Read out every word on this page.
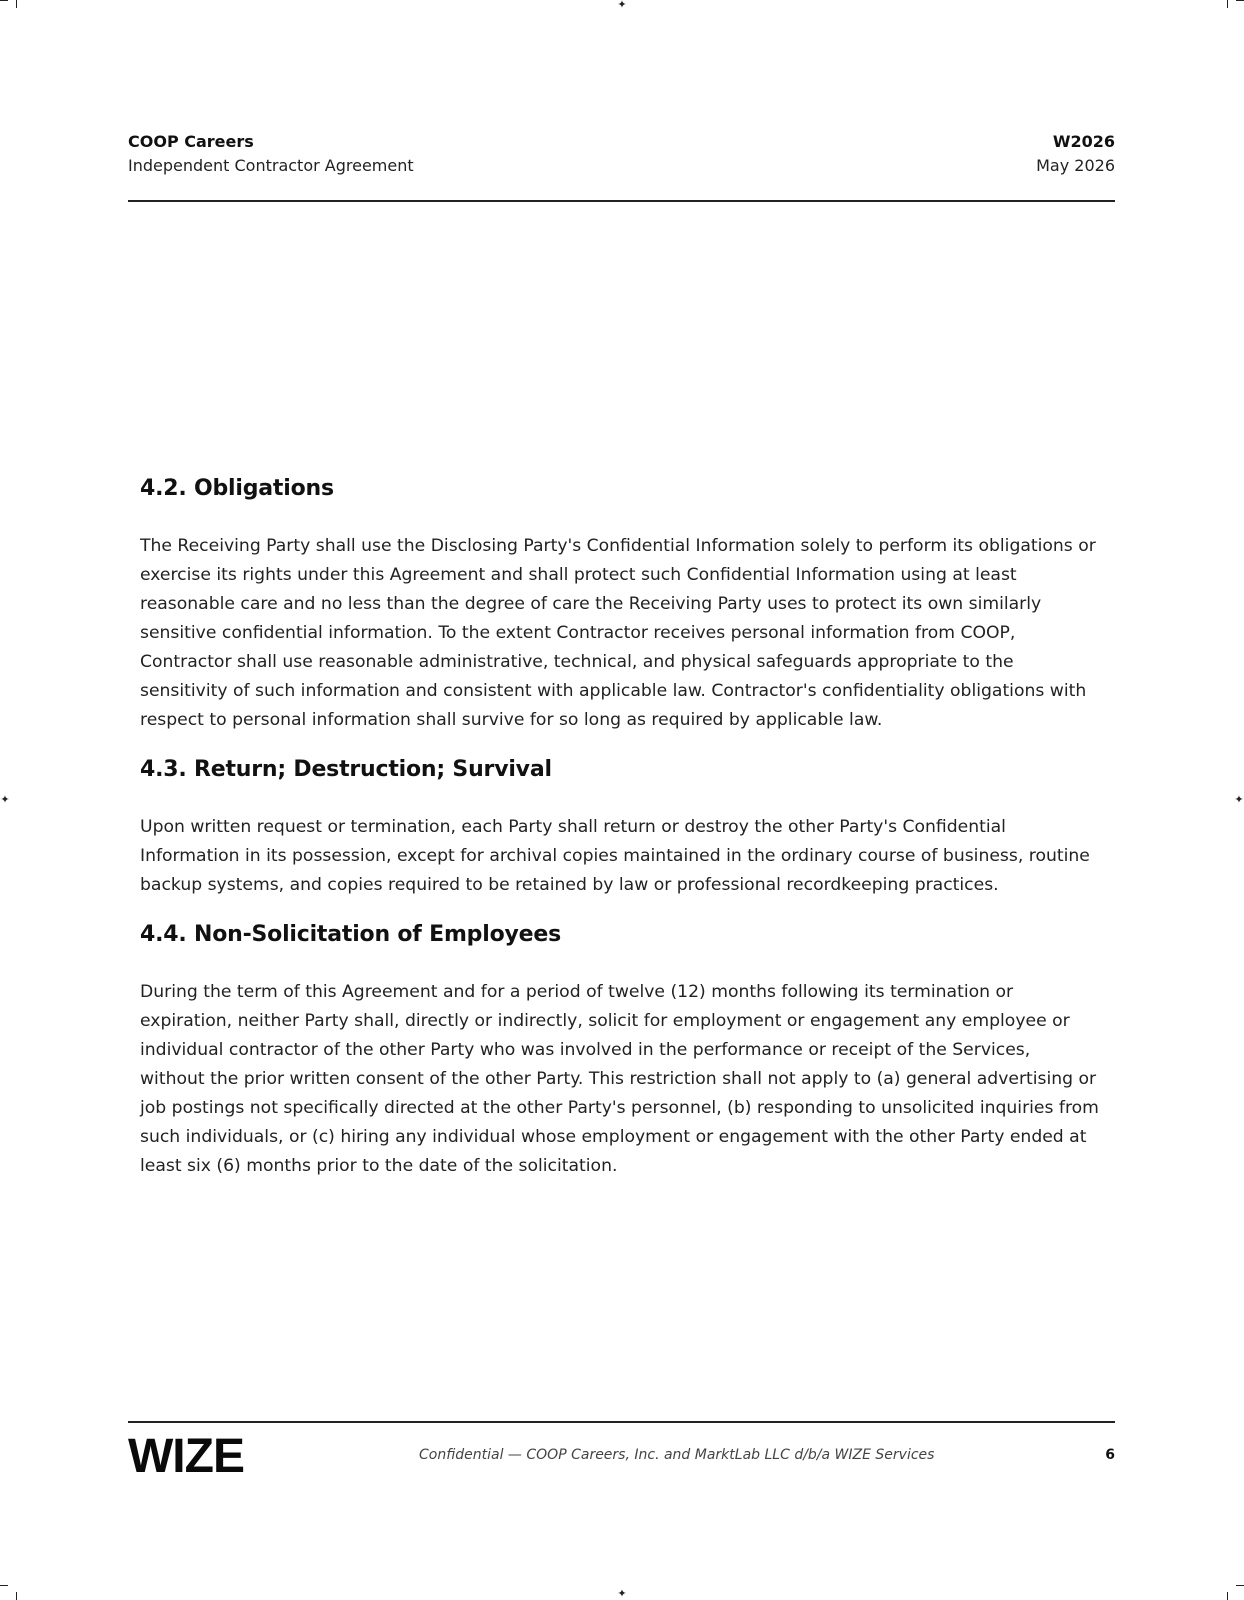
✦
✦
✦	✦
COOP Careers
Independent Contractor Agreement
W2026
May 2026
4.2. Obligations

The Receiving Party shall use the Disclosing Party's Confidential Information solely to perform its obligations or exercise its rights under this Agreement and shall protect such Confidential Information using at least reasonable care and no less than the degree of care the Receiving Party uses to protect its own similarly sensitive confidential information. To the extent Contractor receives personal information from COOP, Contractor shall use reasonable administrative, technical, and physical safeguards appropriate to the sensitivity of such information and consistent with applicable law. Contractor's confidentiality obligations with respect to personal information shall survive for so long as required by applicable law.

4.3. Return; Destruction; Survival

Upon written request or termination, each Party shall return or destroy the other Party's Confidential Information in its possession, except for archival copies maintained in the ordinary course of business, routine backup systems, and copies required to be retained by law or professional recordkeeping practices.

4.4. Non-Solicitation of Employees

During the term of this Agreement and for a period of twelve (12) months following its termination or expiration, neither Party shall, directly or indirectly, solicit for employment or engagement any employee or individual contractor of the other Party who was involved in the performance or receipt of the Services, without the prior written consent of the other Party. This restriction shall not apply to (a) general advertising or job postings not specifically directed at the other Party's personnel, (b) responding to unsolicited inquiries from such individuals, or (c) hiring any individual whose employment or engagement with the other Party ended at least six (6) months prior to the date of the solicitation.

WIZE	Confidential — COOP Careers, Inc. and MarktLab LLC d/b/a WIZE Services	6
